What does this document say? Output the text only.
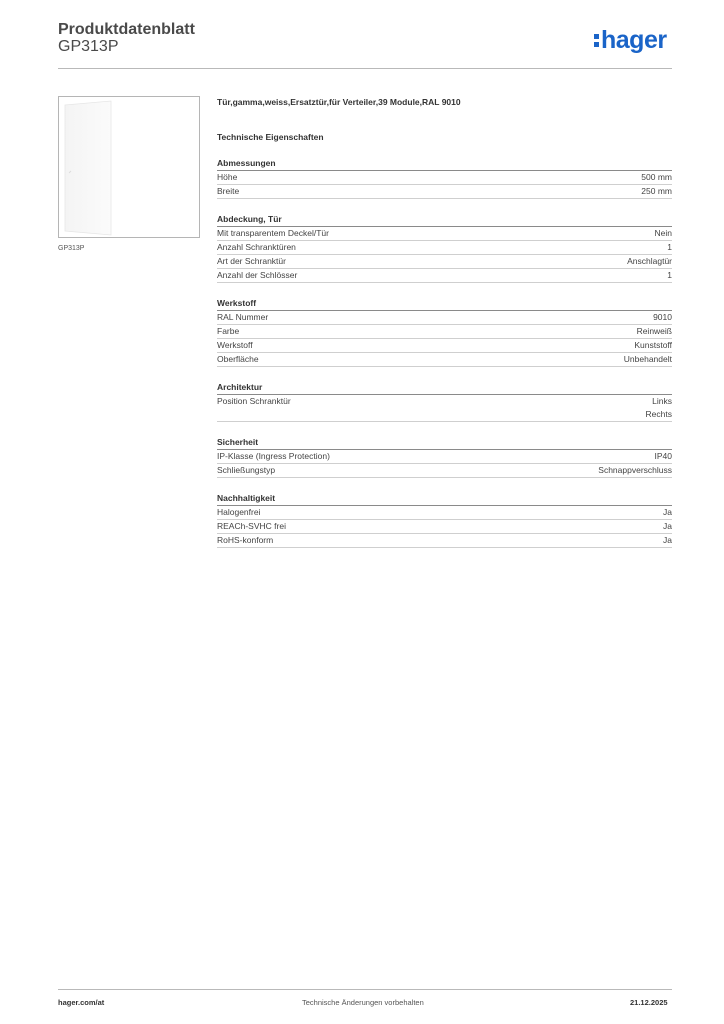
Produktdatenblatt
GP313P	hager
GP313P
Tür,gamma,weiss,Ersatztür,für Verteiler,39 Module,RAL 9010
Technische Eigenschaften
Abmessungen
Höhe	500 mm
Breite	250 mm
Abdeckung, Tür
Mit transparentem Deckel/Tür	Nein
Anzahl Schranktüren	1
Art der Schranktür	Anschlagtür
Anzahl der Schlösser	1
Werkstoff
RAL Nummer	9010
Farbe	Reinweiß
Werkstoff	Kunststoff
Oberfläche	Unbehandelt
Architektur
Position Schranktür	Links
Rechts
Sicherheit
IP-Klasse (Ingress Protection)	IP40
Schließungstyp	Schnappverschluss
Nachhaltigkeit
Halogenfrei	Ja
REACh-SVHC frei	Ja
RoHS-konform	Ja
hager.com/at	Technische Änderungen vorbehalten	21.12.2025
